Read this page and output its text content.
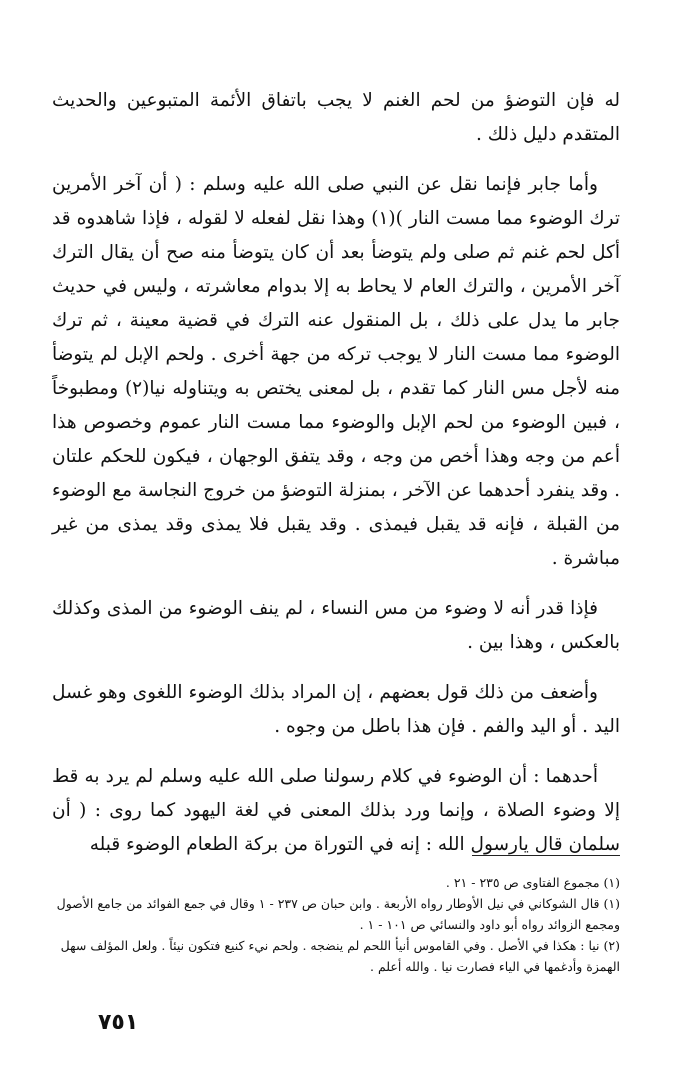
له فإن التوضؤ من لحم الغنم لا يجب باتفاق الأئمة المتبوعين والحديث المتقدم دليل ذلك .

وأما جابر فإنما نقل عن النبي صلى الله عليه وسلم : ( أن آخر الأمرين ترك الوضوء مما مست النار )(١) وهذا نقل لفعله لا لقوله ، فإذا شاهدوه قد أكل لحم غنم ثم صلى ولم يتوضأ بعد أن كان يتوضأ منه صح أن يقال الترك آخر الأمرين ، والترك العام لا يحاط به إلا بدوام معاشرته ، وليس في حديث جابر ما يدل على ذلك ، بل المنقول عنه الترك في قضية معينة ، ثم ترك الوضوء مما مست النار لا يوجب تركه من جهة أخرى . ولحم الإبل لم يتوضأ منه لأجل مس النار كما تقدم ، بل لمعنى يختص به ويتناوله نيا(٢) ومطبوخاً ، فبين الوضوء من لحم الإبل والوضوء مما مست النار عموم وخصوص هذا أعم من وجه وهذا أخص من وجه ، وقد يتفق الوجهان ، فيكون للحكم علتان . وقد ينفرد أحدهما عن الآخر ، بمنزلة التوضؤ من خروج النجاسة مع الوضوء من القبلة ، فإنه قد يقبل فيمذى . وقد يقبل فلا يمذى وقد يمذى من غير مباشرة .

فإذا قدر أنه لا وضوء من مس النساء ، لم ينف الوضوء من المذى وكذلك بالعكس ، وهذا بين .

وأضعف من ذلك قول بعضهم ، إن المراد بذلك الوضوء اللغوى وهو غسل اليد . أو اليد والفم . فإن هذا باطل من وجوه .

أحدهما : أن الوضوء في كلام رسولنا صلى الله عليه وسلم لم يرد به قط إلا وضوء الصلاة ، وإنما ورد بذلك المعنى في لغة اليهود كما روى : ( أن سلمان قال يارسول الله : إنه في التوراة من بركة الطعام الوضوء قبله

(١) مجموع الفتاوى ص ٢٣٥ - ٢١ .

(١) قال الشوكاني في نيل الأوطار رواه الأربعة . وابن حبان ص ٢٣٧ - ١ وقال في جمع الفوائد من جامع الأصول ومجمع الزوائد رواه أبو داود والنسائي ص ١٠١ - ١ .

(٢) نيا : هكذا في الأصل . وفي القاموس أنيأ اللحم لم ينضجه . ولحم نيء كنيع فتكون نيئاً . ولعل المؤلف سهل الهمزة وأدغمها في الياء فصارت نيا . والله أعلم .

٧٥١
